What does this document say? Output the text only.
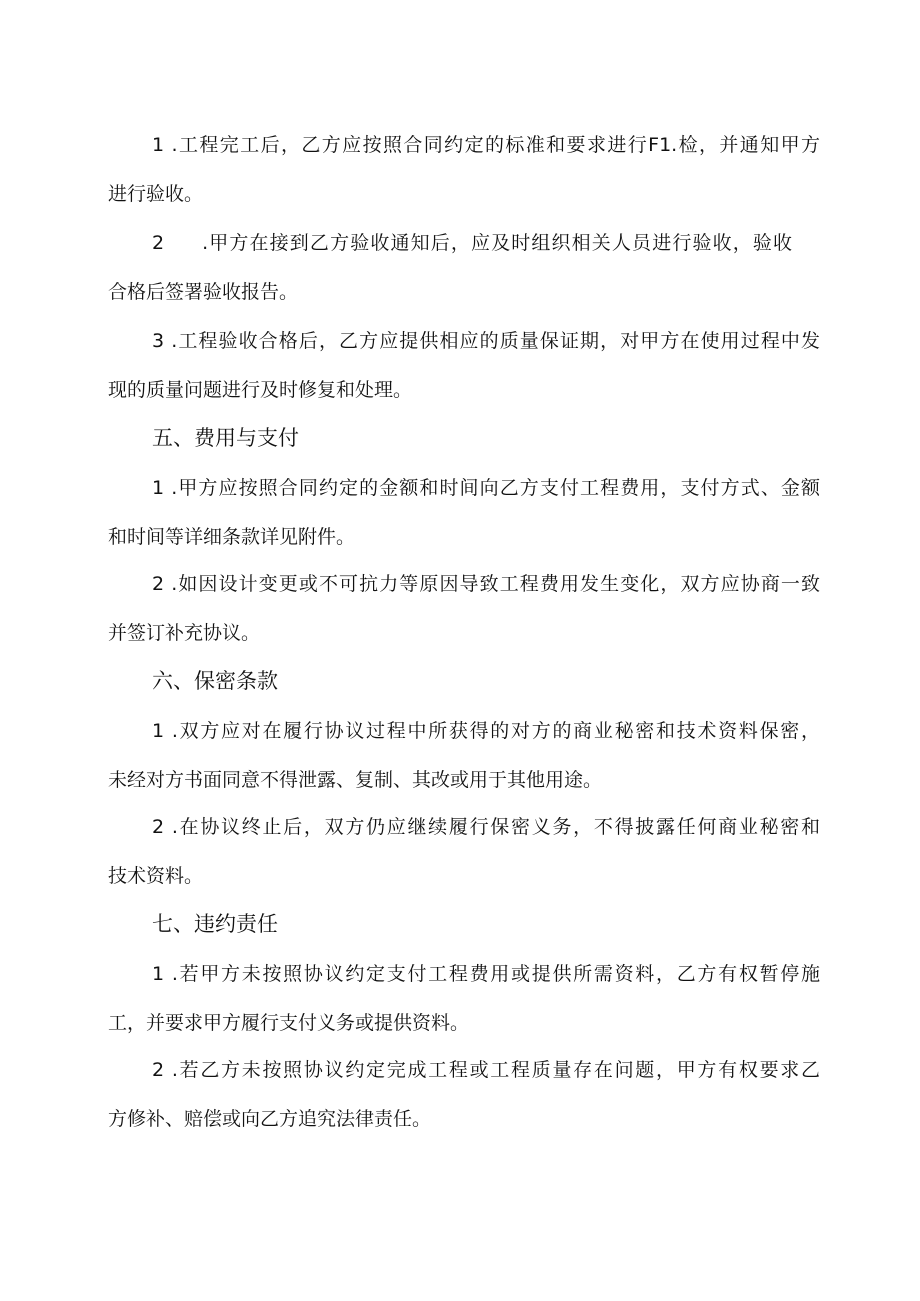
1 .工程完工后，乙方应按照合同约定的标准和要求进行F1.检，并通知甲方
进行验收。

2 .甲方在接到乙方验收通知后，应及时组织相关人员进行验收，验收
合格后签署验收报告。

3 .工程验收合格后，乙方应提供相应的质量保证期，对甲方在使用过程中发
现的质量问题进行及时修复和处理。

五、费用与支付

1 .甲方应按照合同约定的金额和时间向乙方支付工程费用，支付方式、金额
和时间等详细条款详见附件。

2 .如因设计变更或不可抗力等原因导致工程费用发生变化，双方应协商一致
并签订补充协议。

六、保密条款

1 .双方应对在履行协议过程中所获得的对方的商业秘密和技术资料保密，
未经对方书面同意不得泄露、复制、其改或用于其他用途。

2 .在协议终止后，双方仍应继续履行保密义务，不得披露任何商业秘密和
技术资料。

七、违约责任

1 .若甲方未按照协议约定支付工程费用或提供所需资料，乙方有权暂停施
工，并要求甲方履行支付义务或提供资料。

2 .若乙方未按照协议约定完成工程或工程质量存在问题，甲方有权要求乙
方修补、赔偿或向乙方追究法律责任。
